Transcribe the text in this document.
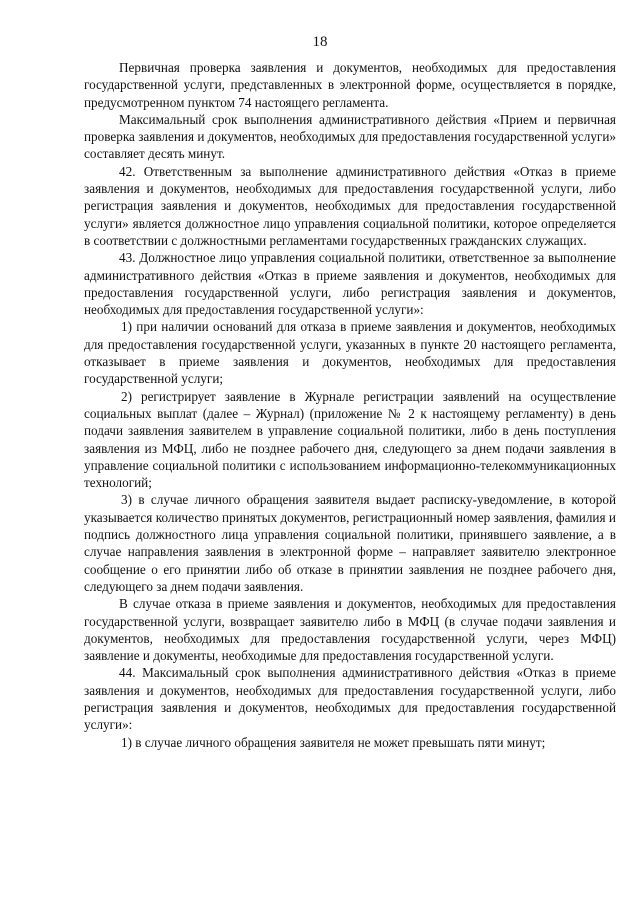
18

Первичная проверка заявления и документов, необходимых для предоставления государственной услуги, представленных в электронной форме, осуществляется в порядке, предусмотренном пунктом 74 настоящего регламента.

Максимальный срок выполнения административного действия «Прием и первичная проверка заявления и документов, необходимых для предоставления государственной услуги» составляет десять минут.

42. Ответственным за выполнение административного действия «Отказ в приеме заявления и документов, необходимых для предоставления государственной услуги, либо регистрация заявления и документов, необходимых для предоставления государственной услуги» является должностное лицо управления социальной политики, которое определяется в соответствии с должностными регламентами государственных гражданских служащих.

43. Должностное лицо управления социальной политики, ответственное за выполнение административного действия «Отказ в приеме заявления и документов, необходимых для предоставления государственной услуги, либо регистрация заявления и документов, необходимых для предоставления государственной услуги»:

1) при наличии оснований для отказа в приеме заявления и документов, необходимых для предоставления государственной услуги, указанных в пункте 20 настоящего регламента, отказывает в приеме заявления и документов, необходимых для предоставления государственной услуги;

2) регистрирует заявление в Журнале регистрации заявлений на осуществление социальных выплат (далее – Журнал) (приложение № 2 к настоящему регламенту) в день подачи заявления заявителем в управление социальной политики, либо в день поступления заявления из МФЦ, либо не позднее рабочего дня, следующего за днем подачи заявления в управление социальной политики с использованием информационно-телекоммуникационных технологий;

3) в случае личного обращения заявителя выдает расписку-уведомление, в которой указывается количество принятых документов, регистрационный номер заявления, фамилия и подпись должностного лица управления социальной политики, принявшего заявление, а в случае направления заявления в электронной форме – направляет заявителю электронное сообщение о его принятии либо об отказе в принятии заявления не позднее рабочего дня, следующего за днем подачи заявления.

В случае отказа в приеме заявления и документов, необходимых для предоставления государственной услуги, возвращает заявителю либо в МФЦ (в случае подачи заявления и документов, необходимых для предоставления государственной услуги, через МФЦ) заявление и документы, необходимые для предоставления государственной услуги.

44. Максимальный срок выполнения административного действия «Отказ в приеме заявления и документов, необходимых для предоставления государственной услуги, либо регистрация заявления и документов, необходимых для предоставления государственной услуги»:

1) в случае личного обращения заявителя не может превышать пяти минут;
